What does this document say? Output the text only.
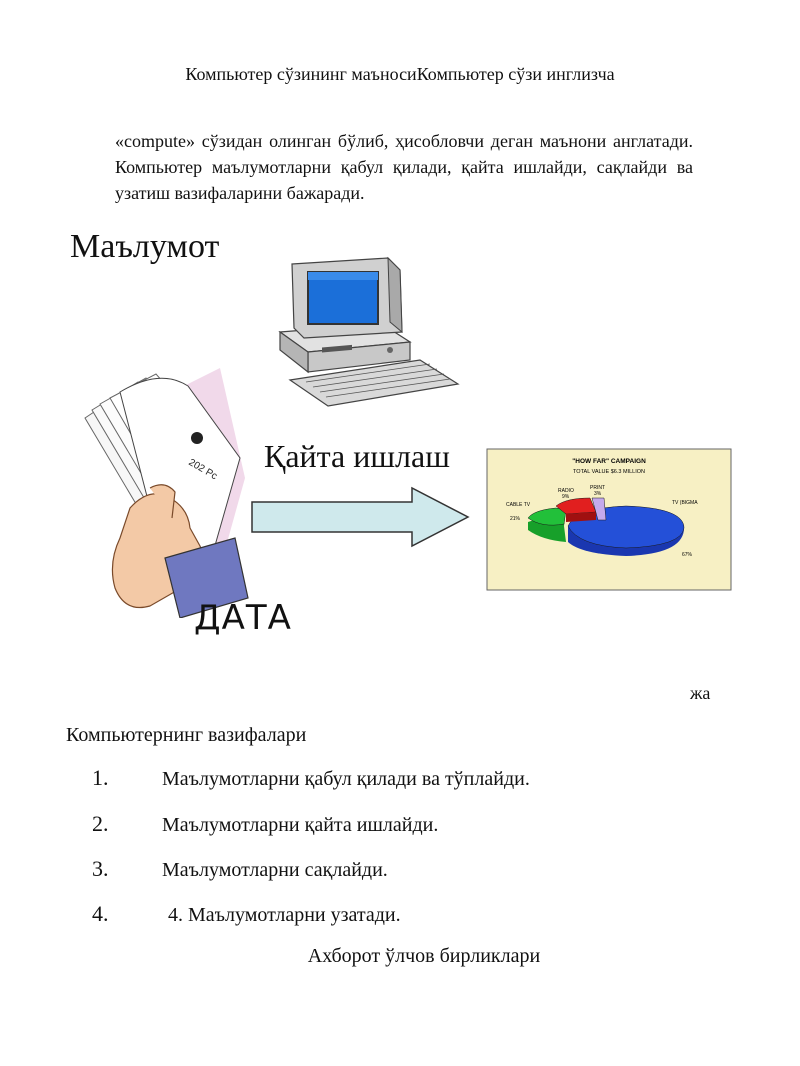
Компьютер сўзининг маъносиКомпьютер сўзи инглизча
«compute» сўзидан олинган бўлиб, ҳисобловчи деган маънони англатади. Компьютер маълумотларни қабул қилади, қайта ишлайди, сақлайди ва узатиш вазифаларини бажаради.
Маълумот
202 Pc Қайта ишлаш	"HOW FAR" CAMPAIGN
TOTAL VALUE $6.3 MILLION
RADIO
9%
PRINT
3%
CABLE TV
21%
TV (BIGMA
67%
ДАТА
жа
Компьютернинг вазифалари
1.	Маълумотларни қабул қилади ва тўплайди.
2.	Маълумотларни қайта ишлайди.
3.	Маълумотларни сақлайди.
4.	4. Маълумотларни узатади.
Ахборот ўлчов бирликлари
